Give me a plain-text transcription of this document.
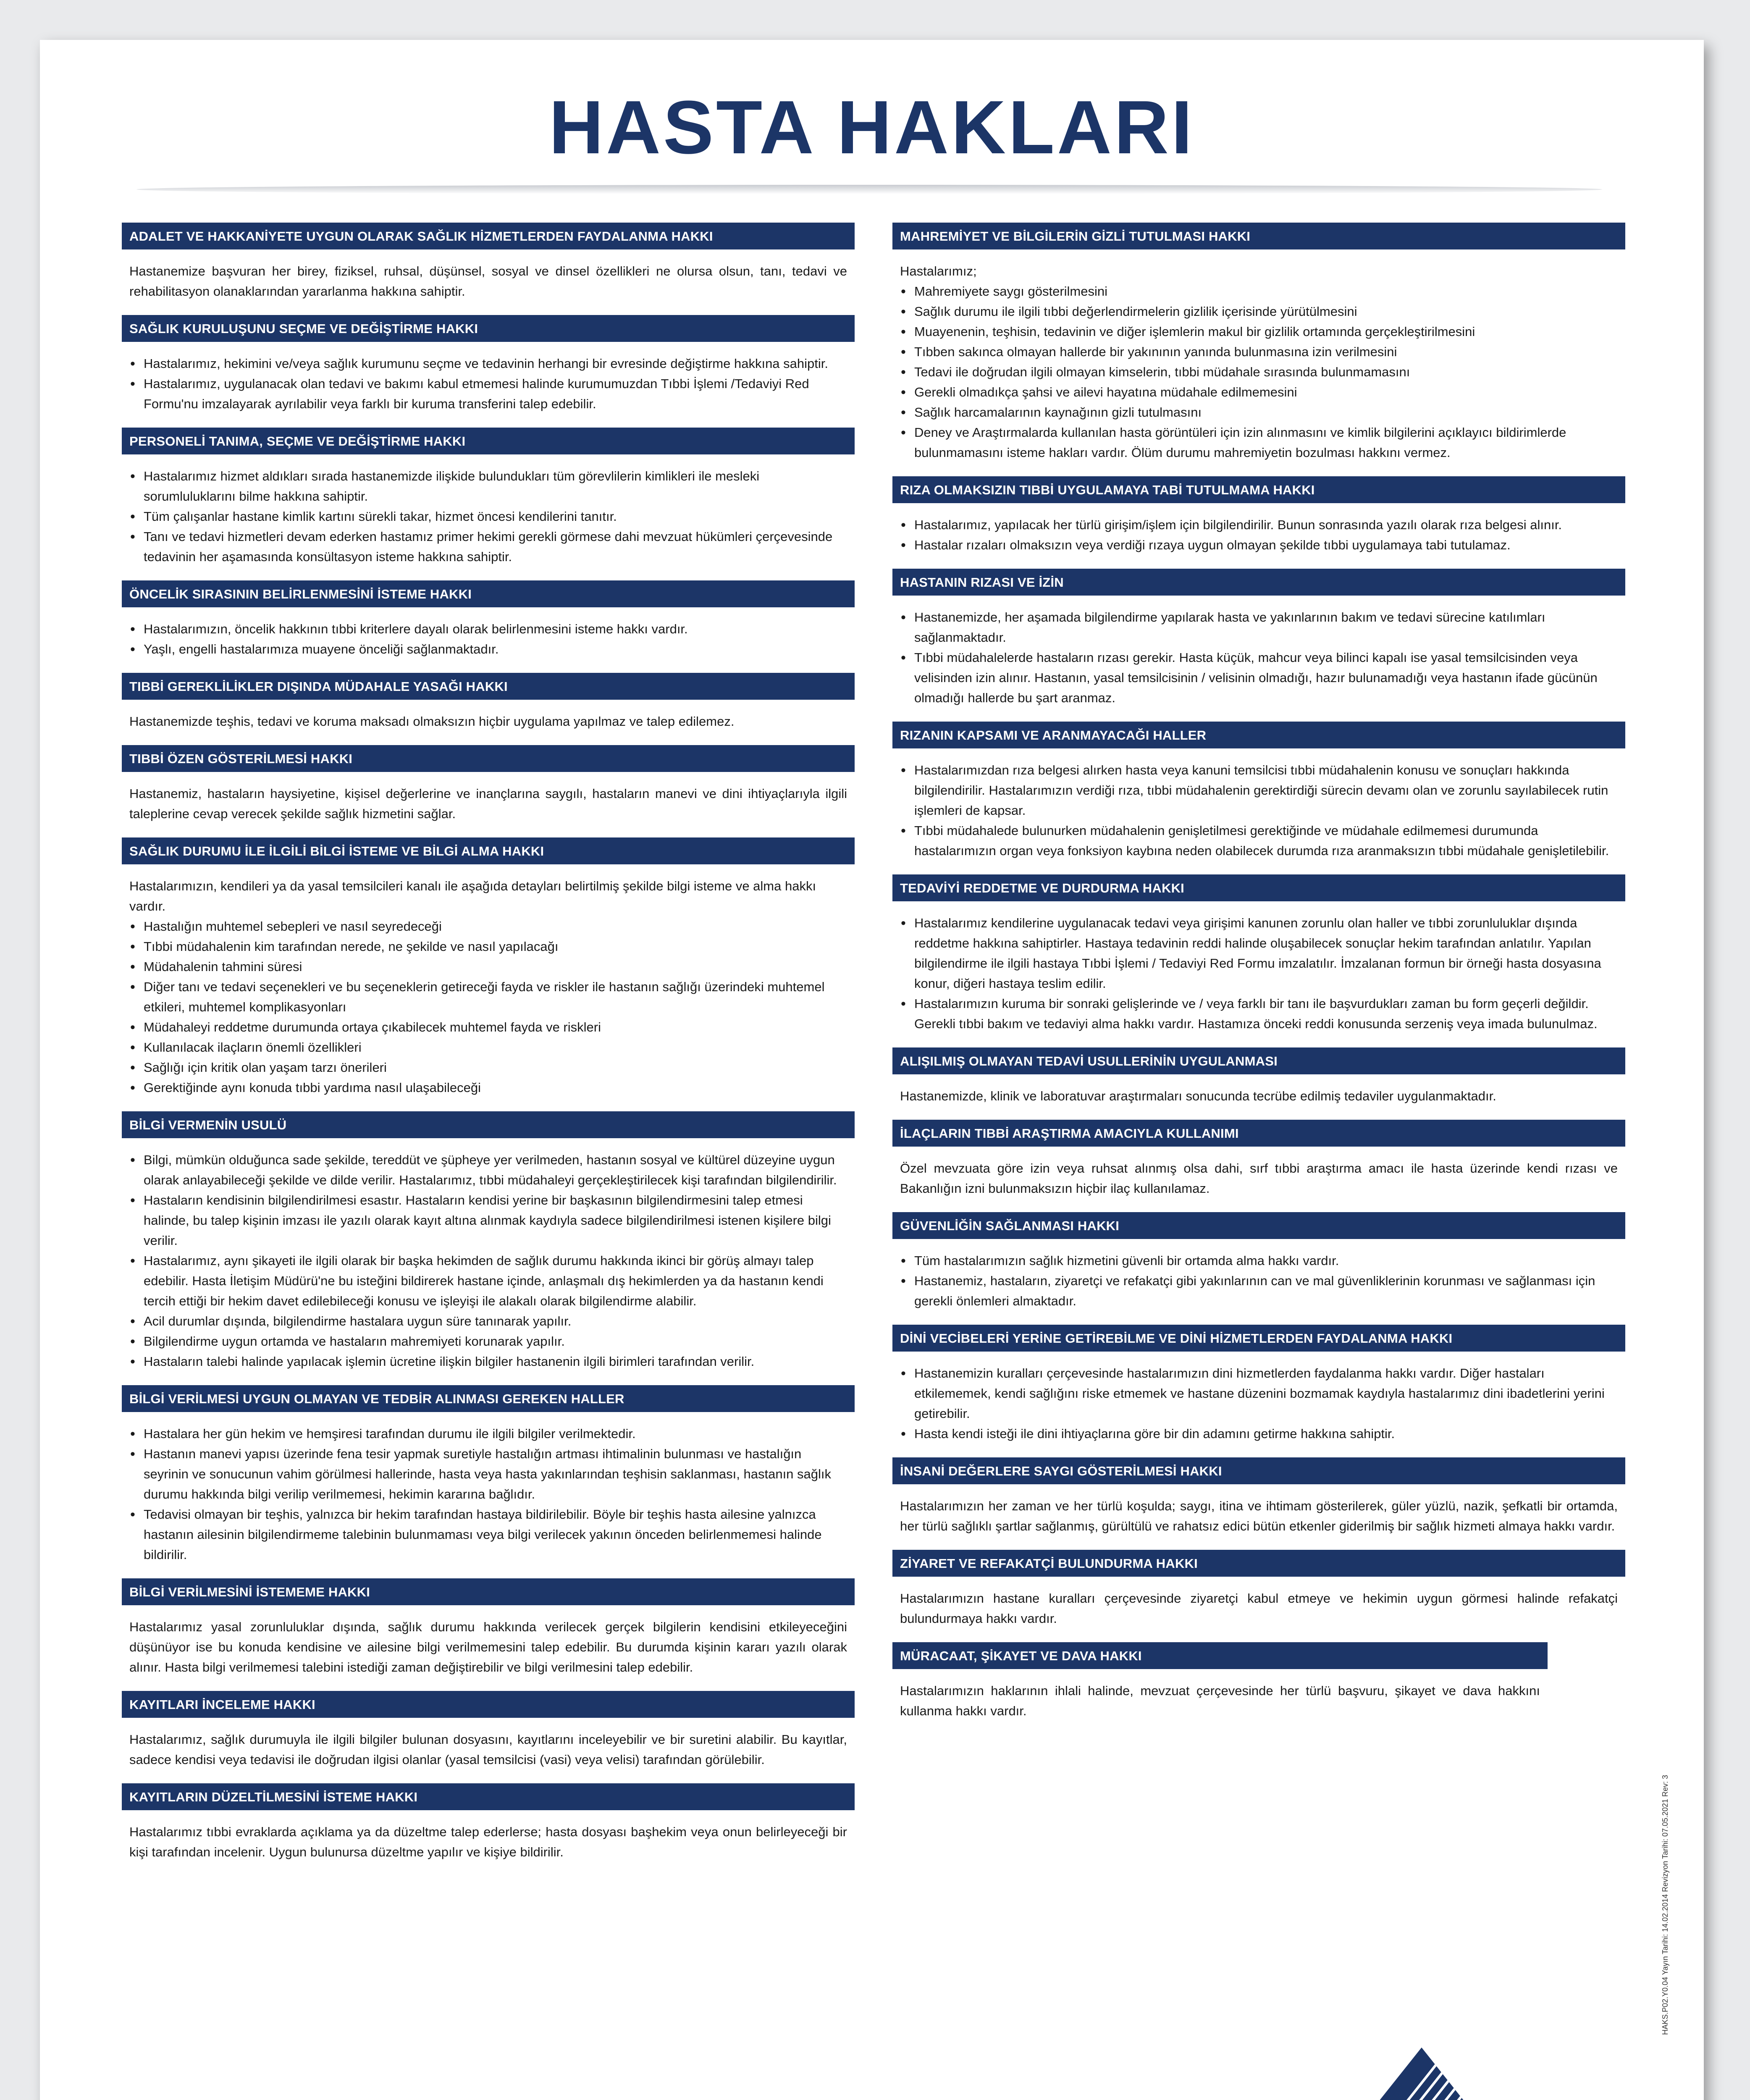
HASTA HAKLARI
ADALET VE HAKKANİYETE UYGUN OLARAK SAĞLIK HİZMETLERDEN FAYDALANMA HAKKI

Hastanemize başvuran her birey, fiziksel, ruhsal, düşünsel, sosyal ve dinsel özellikleri ne olursa olsun, tanı, tedavi ve rehabilitasyon olanaklarından yararlanma hakkına sahiptir.

SAĞLIK KURULUŞUNU SEÇME VE DEĞİŞTİRME HAKKI
• Hastalarımız, hekimini ve/veya sağlık kurumunu seçme ve tedavinin herhangi bir evresinde değiştirme hakkına sahiptir.
• Hastalarımız, uygulanacak olan tedavi ve bakımı kabul etmemesi halinde kurumumuzdan Tıbbi İşlemi /Tedaviyi Red Formu'nu imzalayarak ayrılabilir veya farklı bir kuruma transferini talep edebilir.
PERSONELİ TANIMA, SEÇME VE DEĞİŞTİRME HAKKI
• Hastalarımız hizmet aldıkları sırada hastanemizde ilişkide bulundukları tüm görevlilerin kimlikleri ile mesleki sorumluluklarını bilme hakkına sahiptir.
• Tüm çalışanlar hastane kimlik kartını sürekli takar, hizmet öncesi kendilerini tanıtır.
• Tanı ve tedavi hizmetleri devam ederken hastamız primer hekimi gerekli görmese dahi mevzuat hükümleri çerçevesinde tedavinin her aşamasında konsültasyon isteme hakkına sahiptir.
ÖNCELİK SIRASININ BELİRLENMESİNİ İSTEME HAKKI
• Hastalarımızın, öncelik hakkının tıbbi kriterlere dayalı olarak belirlenmesini isteme hakkı vardır.
• Yaşlı, engelli hastalarımıza muayene önceliği sağlanmaktadır.
TIBBİ GEREKLİLİKLER DIŞINDA MÜDAHALE YASAĞI HAKKI

Hastanemizde teşhis, tedavi ve koruma maksadı olmaksızın hiçbir uygulama yapılmaz ve talep edilemez.

TIBBİ ÖZEN GÖSTERİLMESİ HAKKI

Hastanemiz, hastaların haysiyetine, kişisel değerlerine ve inançlarına saygılı, hastaların manevi ve dini ihtiyaçlarıyla ilgili taleplerine cevap verecek şekilde sağlık hizmetini sağlar.

SAĞLIK DURUMU İLE İLGİLİ BİLGİ İSTEME VE BİLGİ ALMA HAKKI

Hastalarımızın, kendileri ya da yasal temsilcileri kanalı ile aşağıda detayları belirtilmiş şekilde bilgi isteme ve alma hakkı vardır.

• Hastalığın muhtemel sebepleri ve nasıl seyredeceği
• Tıbbi müdahalenin kim tarafından nerede, ne şekilde ve nasıl yapılacağı
• Müdahalenin tahmini süresi
• Diğer tanı ve tedavi seçenekleri ve bu seçeneklerin getireceği fayda ve riskler ile hastanın sağlığı üzerindeki muhtemel etkileri, muhtemel komplikasyonları
• Müdahaleyi reddetme durumunda ortaya çıkabilecek muhtemel fayda ve riskleri
• Kullanılacak ilaçların önemli özellikleri
• Sağlığı için kritik olan yaşam tarzı önerileri
• Gerektiğinde aynı konuda tıbbi yardıma nasıl ulaşabileceği
BİLGİ VERMENİN USULÜ
• Bilgi, mümkün olduğunca sade şekilde, tereddüt ve şüpheye yer verilmeden, hastanın sosyal ve kültürel düzeyine uygun olarak anlayabileceği şekilde ve dilde verilir. Hastalarımız, tıbbi müdahaleyi gerçekleştirilecek kişi tarafından bilgilendirilir.
• Hastaların kendisinin bilgilendirilmesi esastır. Hastaların kendisi yerine bir başkasının bilgilendirmesini talep etmesi halinde, bu talep kişinin imzası ile yazılı olarak kayıt altına alınmak kaydıyla sadece bilgilendirilmesi istenen kişilere bilgi verilir.
• Hastalarımız, aynı şikayeti ile ilgili olarak bir başka hekimden de sağlık durumu hakkında ikinci bir görüş almayı talep edebilir. Hasta İletişim Müdürü'ne bu isteğini bildirerek hastane içinde, anlaşmalı dış hekimlerden ya da hastanın kendi tercih ettiği bir hekim davet edilebileceği konusu ve işleyişi ile alakalı olarak bilgilendirme alabilir.
• Acil durumlar dışında, bilgilendirme hastalara uygun süre tanınarak yapılır.
• Bilgilendirme uygun ortamda ve hastaların mahremiyeti korunarak yapılır.
• Hastaların talebi halinde yapılacak işlemin ücretine ilişkin bilgiler hastanenin ilgili birimleri tarafından verilir.
BİLGİ VERİLMESİ UYGUN OLMAYAN VE TEDBİR ALINMASI GEREKEN HALLER
• Hastalara her gün hekim ve hemşiresi tarafından durumu ile ilgili bilgiler verilmektedir.
• Hastanın manevi yapısı üzerinde fena tesir yapmak suretiyle hastalığın artması ihtimalinin bulunması ve hastalığın seyrinin ve sonucunun vahim görülmesi hallerinde, hasta veya hasta yakınlarından teşhisin saklanması, hastanın sağlık durumu hakkında bilgi verilip verilmemesi, hekimin kararına bağlıdır.
• Tedavisi olmayan bir teşhis, yalnızca bir hekim tarafından hastaya bildirilebilir. Böyle bir teşhis hasta ailesine yalnızca hastanın ailesinin bilgilendirmeme talebinin bulunmaması veya bilgi verilecek yakının önceden belirlenmemesi halinde bildirilir.
BİLGİ VERİLMESİNİ İSTEMEME HAKKI

Hastalarımız yasal zorunluluklar dışında, sağlık durumu hakkında verilecek gerçek bilgilerin kendisini etkileyeceğini düşünüyor ise bu konuda kendisine ve ailesine bilgi verilmemesini talep edebilir. Bu durumda kişinin kararı yazılı olarak alınır. Hasta bilgi verilmemesi talebini istediği zaman değiştirebilir ve bilgi verilmesini talep edebilir.

KAYITLARI İNCELEME HAKKI

Hastalarımız, sağlık durumuyla ile ilgili bilgiler bulunan dosyasını, kayıtlarını inceleyebilir ve bir suretini alabilir. Bu kayıtlar, sadece kendisi veya tedavisi ile doğrudan ilgisi olanlar (yasal temsilcisi (vasi) veya velisi) tarafından görülebilir.

KAYITLARIN DÜZELTİLMESİNİ İSTEME HAKKI

Hastalarımız tıbbi evraklarda açıklama ya da düzeltme talep ederlerse; hasta dosyası başhekim veya onun belirleyeceği bir kişi tarafından incelenir. Uygun bulunursa düzeltme yapılır ve kişiye bildirilir.

MAHREMİYET VE BİLGİLERİN GİZLİ TUTULMASI HAKKI

Hastalarımız;

• Mahremiyete saygı gösterilmesini
• Sağlık durumu ile ilgili tıbbi değerlendirmelerin gizlilik içerisinde yürütülmesini
• Muayenenin, teşhisin, tedavinin ve diğer işlemlerin makul bir gizlilik ortamında gerçekleştirilmesini
• Tıbben sakınca olmayan hallerde bir yakınının yanında bulunmasına izin verilmesini
• Tedavi ile doğrudan ilgili olmayan kimselerin, tıbbi müdahale sırasında bulunmamasını
• Gerekli olmadıkça şahsi ve ailevi hayatına müdahale edilmemesini
• Sağlık harcamalarının kaynağının gizli tutulmasını
• Deney ve Araştırmalarda kullanılan hasta görüntüleri için izin alınmasını ve kimlik bilgilerini açıklayıcı bildirimlerde bulunmamasını isteme hakları vardır. Ölüm durumu mahremiyetin bozulması hakkını vermez.
RIZA OLMAKSIZIN TIBBİ UYGULAMAYA TABİ TUTULMAMA HAKKI
• Hastalarımız, yapılacak her türlü girişim/işlem için bilgilendirilir. Bunun sonrasında yazılı olarak rıza belgesi alınır.
• Hastalar rızaları olmaksızın veya verdiği rızaya uygun olmayan şekilde tıbbi uygulamaya tabi tutulamaz.
HASTANIN RIZASI VE İZİN
• Hastanemizde, her aşamada bilgilendirme yapılarak hasta ve yakınlarının bakım ve tedavi sürecine katılımları sağlanmaktadır.
• Tıbbi müdahalelerde hastaların rızası gerekir. Hasta küçük, mahcur veya bilinci kapalı ise yasal temsilcisinden veya velisinden izin alınır. Hastanın, yasal temsilcisinin / velisinin olmadığı, hazır bulunamadığı veya hastanın ifade gücünün olmadığı hallerde bu şart aranmaz.
RIZANIN KAPSAMI VE ARANMAYACAĞI HALLER
• Hastalarımızdan rıza belgesi alırken hasta veya kanuni temsilcisi tıbbi müdahalenin konusu ve sonuçları hakkında bilgilendirilir. Hastalarımızın verdiği rıza, tıbbi müdahalenin gerektirdiği sürecin devamı olan ve zorunlu sayılabilecek rutin işlemleri de kapsar.
• Tıbbi müdahalede bulunurken müdahalenin genişletilmesi gerektiğinde ve müdahale edilmemesi durumunda hastalarımızın organ veya fonksiyon kaybına neden olabilecek durumda rıza aranmaksızın tıbbi müdahale genişletilebilir.
TEDAVİYİ REDDETME VE DURDURMA HAKKI
• Hastalarımız kendilerine uygulanacak tedavi veya girişimi kanunen zorunlu olan haller ve tıbbi zorunluluklar dışında reddetme hakkına sahiptirler. Hastaya tedavinin reddi halinde oluşabilecek sonuçlar hekim tarafından anlatılır. Yapılan bilgilendirme ile ilgili hastaya Tıbbi İşlemi / Tedaviyi Red Formu imzalatılır. İmzalanan formun bir örneği hasta dosyasına konur, diğeri hastaya teslim edilir.
• Hastalarımızın kuruma bir sonraki gelişlerinde ve / veya farklı bir tanı ile başvurdukları zaman bu form geçerli değildir. Gerekli tıbbi bakım ve tedaviyi alma hakkı vardır. Hastamıza önceki reddi konusunda serzeniş veya imada bulunulmaz.
ALIŞILMIŞ OLMAYAN TEDAVİ USULLERİNİN UYGULANMASI

Hastanemizde, klinik ve laboratuvar araştırmaları sonucunda tecrübe edilmiş tedaviler uygulanmaktadır.

İLAÇLARIN TIBBİ ARAŞTIRMA AMACIYLA KULLANIMI

Özel mevzuata göre izin veya ruhsat alınmış olsa dahi, sırf tıbbi araştırma amacı ile hasta üzerinde kendi rızası ve Bakanlığın izni bulunmaksızın hiçbir ilaç kullanılamaz.

GÜVENLİĞİN SAĞLANMASI HAKKI
• Tüm hastalarımızın sağlık hizmetini güvenli bir ortamda alma hakkı vardır.
• Hastanemiz, hastaların, ziyaretçi ve refakatçi gibi yakınlarının can ve mal güvenliklerinin korunması ve sağlanması için gerekli önlemleri almaktadır.
DİNİ VECİBELERİ YERİNE GETİREBİLME VE DİNİ HİZMETLERDEN FAYDALANMA HAKKI
• Hastanemizin kuralları çerçevesinde hastalarımızın dini hizmetlerden faydalanma hakkı vardır. Diğer hastaları etkilememek, kendi sağlığını riske etmemek ve hastane düzenini bozmamak kaydıyla hastalarımız dini ibadetlerini yerini getirebilir.
• Hasta kendi isteği ile dini ihtiyaçlarına göre bir din adamını getirme hakkına sahiptir.
İNSANİ DEĞERLERE SAYGI GÖSTERİLMESİ HAKKI

Hastalarımızın her zaman ve her türlü koşulda; saygı, itina ve ihtimam gösterilerek, güler yüzlü, nazik, şefkatli bir ortamda, her türlü sağlıklı şartlar sağlanmış, gürültülü ve rahatsız edici bütün etkenler giderilmiş bir sağlık hizmeti almaya hakkı vardır.

ZİYARET VE REFAKATÇİ BULUNDURMA HAKKI

Hastalarımızın hastane kuralları çerçevesinde ziyaretçi kabul etmeye ve hekimin uygun görmesi halinde refakatçi bulundurmaya hakkı vardır.

MÜRACAAT, ŞİKAYET VE DAVA HAKKI

Hastalarımızın haklarının ihlali halinde, mevzuat çerçevesinde her türlü başvuru, şikayet ve dava hakkını kullanma hakkı vardır.

HAKS.P02.Y0.04 Yayın Tarihi: 14.02.2014 Revizyon Tarihi: 07.05.2021 Rev: 3
